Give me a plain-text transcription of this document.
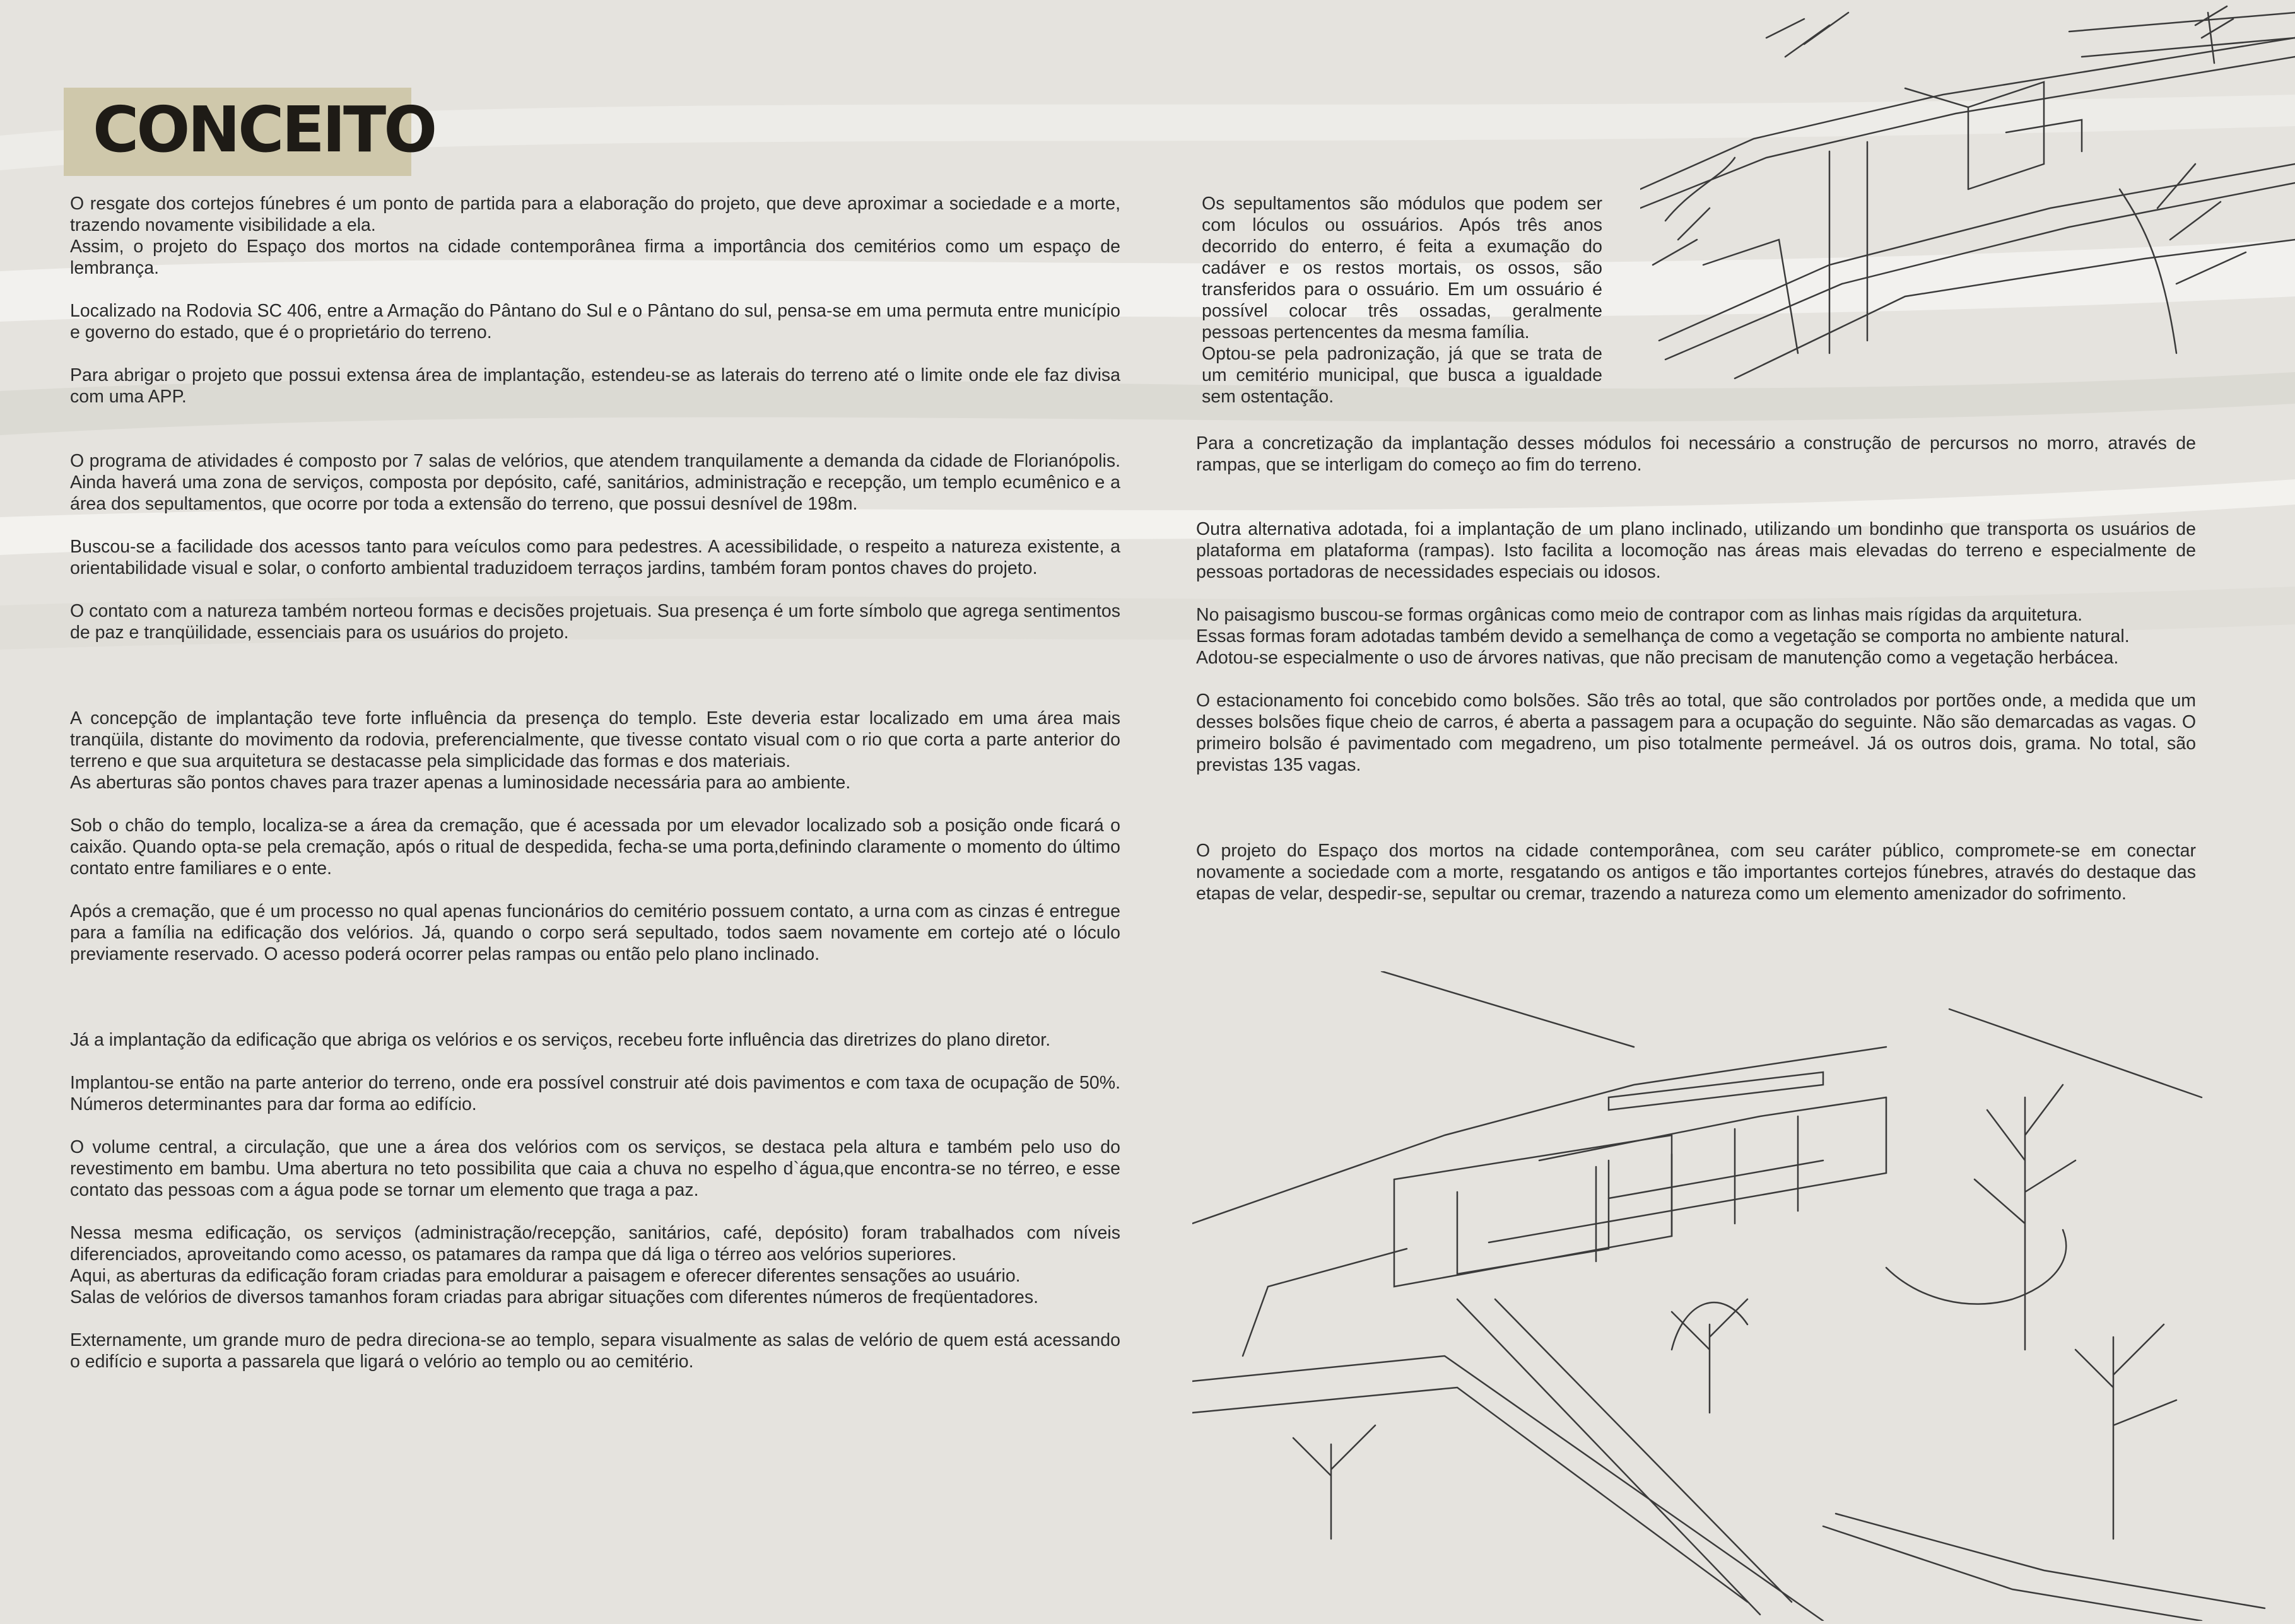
CONCEITO

O resgate dos cortejos fúnebres é um ponto de partida para a elaboração do projeto, que deve aproximar a sociedade e a morte, trazendo novamente visibilidade a ela.

Assim, o projeto do Espaço dos mortos na cidade contemporânea firma a importância dos cemitérios como um espaço de lembrança.

Localizado na Rodovia SC 406, entre a Armação do Pântano do Sul e o Pântano do sul, pensa-se em uma permuta entre município e governo do estado, que é o proprietário do terreno.

Para abrigar o projeto que possui extensa área de implantação, estendeu-se as laterais do terreno até o limite onde ele faz divisa com uma APP.

O programa de atividades é composto por 7 salas de velórios, que atendem tranquilamente a demanda da cidade de Florianópolis. Ainda haverá uma zona de serviços, composta por depósito, café, sanitários, administração e recepção, um templo ecumênico e a área dos sepultamentos, que ocorre por toda a extensão do terreno, que possui desnível de 198m.

Buscou-se a facilidade dos acessos tanto para veículos como para pedestres. A acessibilidade, o respeito a natureza existente, a orientabilidade visual e solar, o conforto ambiental traduzidoem terraços jardins, também foram pontos chaves do projeto.

O contato com a natureza também norteou formas e decisões projetuais. Sua presença é um forte símbolo que agrega sentimentos de paz e tranqüilidade, essenciais para os usuários do projeto.

A concepção de implantação teve forte influência da presença do templo. Este deveria estar localizado em uma área mais tranqüila, distante do movimento da rodovia, preferencialmente, que tivesse contato visual com o rio que corta a parte anterior do terreno e que sua arquitetura se destacasse pela simplicidade das formas e dos materiais.

As aberturas são pontos chaves para trazer apenas a luminosidade necessária para ao ambiente.

Sob o chão do templo, localiza-se a área da cremação, que é acessada por um elevador localizado sob a posição onde ficará o caixão. Quando opta-se pela cremação, após o ritual de despedida, fecha-se uma porta,definindo claramente o momento do último contato entre familiares e o ente.

Após a cremação, que é um processo no qual apenas funcionários do cemitério possuem contato, a urna com as cinzas é entregue para a família na edificação dos velórios. Já, quando o corpo será sepultado, todos saem novamente em cortejo até o lóculo previamente reservado. O acesso poderá ocorrer pelas rampas ou então pelo plano inclinado.

Já a implantação da edificação que abriga os velórios e os serviços, recebeu forte influência das diretrizes do plano diretor.

Implantou-se então na parte anterior do terreno, onde era possível construir até dois pavimentos e com taxa de ocupação de 50%. Números determinantes para dar forma ao edifício.

O volume central, a circulação, que une a área dos velórios com os serviços, se destaca pela altura e também pelo uso do revestimento em bambu. Uma abertura no teto possibilita que caia a chuva no espelho d`água,que encontra-se no térreo, e esse contato das pessoas com a água pode se tornar um elemento que traga a paz.

Nessa mesma edificação, os serviços (administração/recepção, sanitários, café, depósito) foram trabalhados com níveis diferenciados, aproveitando como acesso, os patamares da rampa que dá liga o térreo aos velórios superiores.

Aqui, as aberturas da edificação foram criadas para emoldurar a paisagem e oferecer diferentes sensações ao usuário.

Salas de velórios de diversos tamanhos foram criadas para abrigar situações com diferentes números de freqüentadores.

Externamente, um grande muro de pedra direciona-se ao templo, separa visualmente as salas de velório de quem está acessando o edifício e suporta a passarela que ligará o velório ao templo ou ao cemitério.

Os sepultamentos são módulos que podem ser com lóculos ou ossuários. Após três anos decorrido do enterro, é feita a exumação do cadáver e os restos mortais, os ossos, são transferidos para o ossuário. Em um ossuário é possível colocar três ossadas, geralmente pessoas pertencentes da mesma família.

Optou-se pela padronização, já que se trata de um cemitério municipal, que busca a igualdade sem ostentação.

Para a concretização da implantação desses módulos foi necessário a construção de percursos no morro, através de rampas, que se interligam do começo ao fim do terreno.

Outra alternativa adotada, foi a implantação de um plano inclinado, utilizando um bondinho que transporta os usuários de plataforma em plataforma (rampas). Isto facilita a locomoção nas áreas mais elevadas do terreno e especialmente de pessoas portadoras de necessidades especiais ou idosos.

No paisagismo buscou-se formas orgânicas como meio de contrapor com as linhas mais rígidas da arquitetura.

Essas formas foram adotadas também devido a semelhança de como a vegetação se comporta no ambiente natural.

Adotou-se especialmente o uso de árvores nativas, que não precisam de manutenção como a vegetação herbácea.

O estacionamento foi concebido como bolsões. São três ao total, que são controlados por portões onde, a medida que um desses bolsões fique cheio de carros, é aberta a passagem para a ocupação do seguinte. Não são demarcadas as vagas. O primeiro bolsão é pavimentado com megadreno, um piso totalmente permeável. Já os outros dois, grama. No total, são previstas 135 vagas.

O projeto do Espaço dos mortos na cidade contemporânea, com seu caráter público, compromete-se em conectar novamente a sociedade com a morte, resgatando os antigos e tão importantes cortejos fúnebres, através do destaque das etapas de velar, despedir-se, sepultar ou cremar, trazendo a natureza como um elemento amenizador do sofrimento.
